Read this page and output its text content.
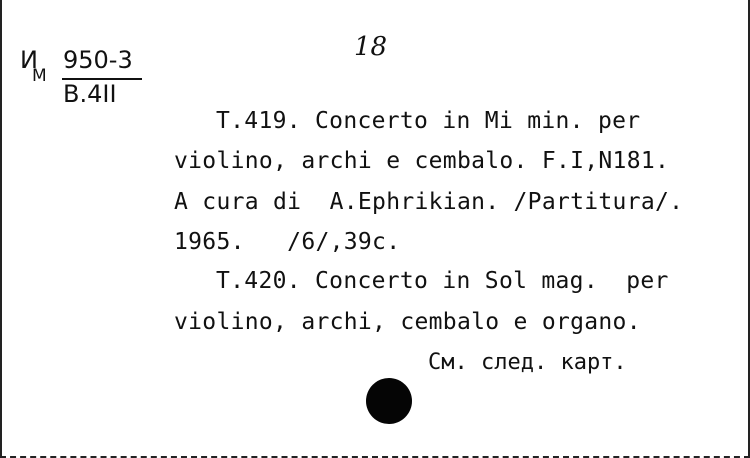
И
М
950-3
B.4II
18
T.419. Concerto in Mi min. per
violino, archi e cembalo. F.I,N181.
A cura di  A.Ephrikian. /Partitura/.
1965.   /6/,39c.
T.420. Concerto in Sol mag.  per
violino, archi, cembalo e organo.
См. след. карт.
